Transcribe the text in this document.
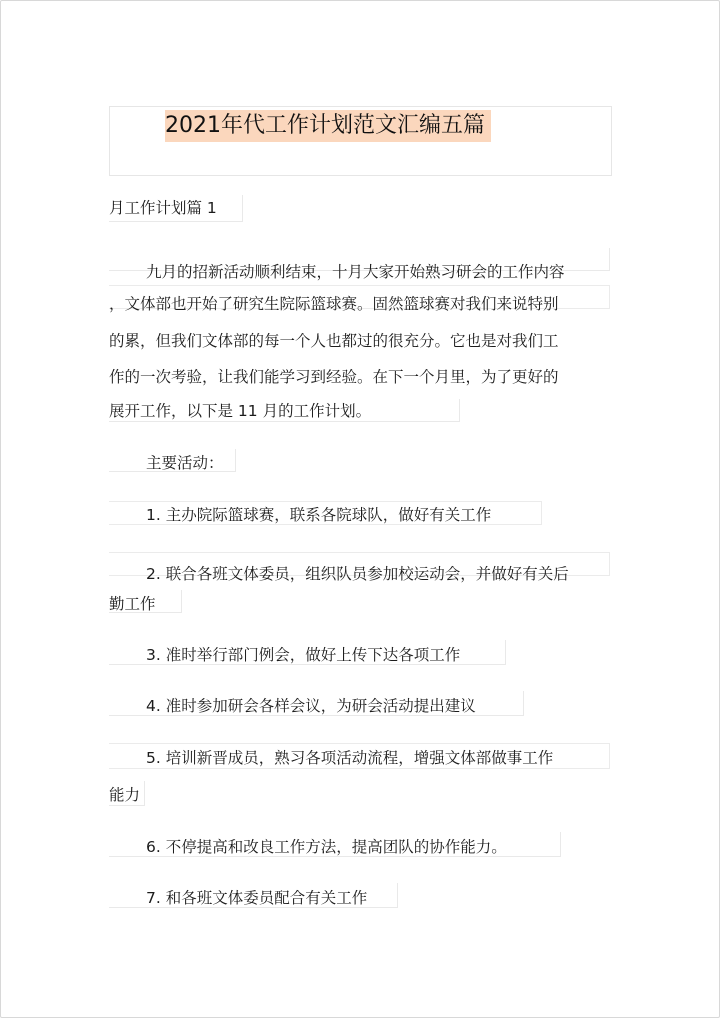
2021年代工作计划范文汇编五篇
月工作计划篇 1
九月的招新活动顺利结束，十月大家开始熟习研会的工作内容
，文体部也开始了研究生院际篮球赛。固然篮球赛对我们来说特别
的累，但我们文体部的每一个人也都过的很充分。它也是对我们工
作的一次考验，让我们能学习到经验。在下一个月里，为了更好的
展开工作，以下是 11 月的工作计划。
主要活动：
1. 主办院际篮球赛，联系各院球队，做好有关工作
2. 联合各班文体委员，组织队员参加校运动会，并做好有关后
勤工作
3. 准时举行部门例会，做好上传下达各项工作
4. 准时参加研会各样会议，为研会活动提出建议
5. 培训新晋成员，熟习各项活动流程，增强文体部做事工作
能力
6. 不停提高和改良工作方法，提高团队的协作能力。
7. 和各班文体委员配合有关工作
